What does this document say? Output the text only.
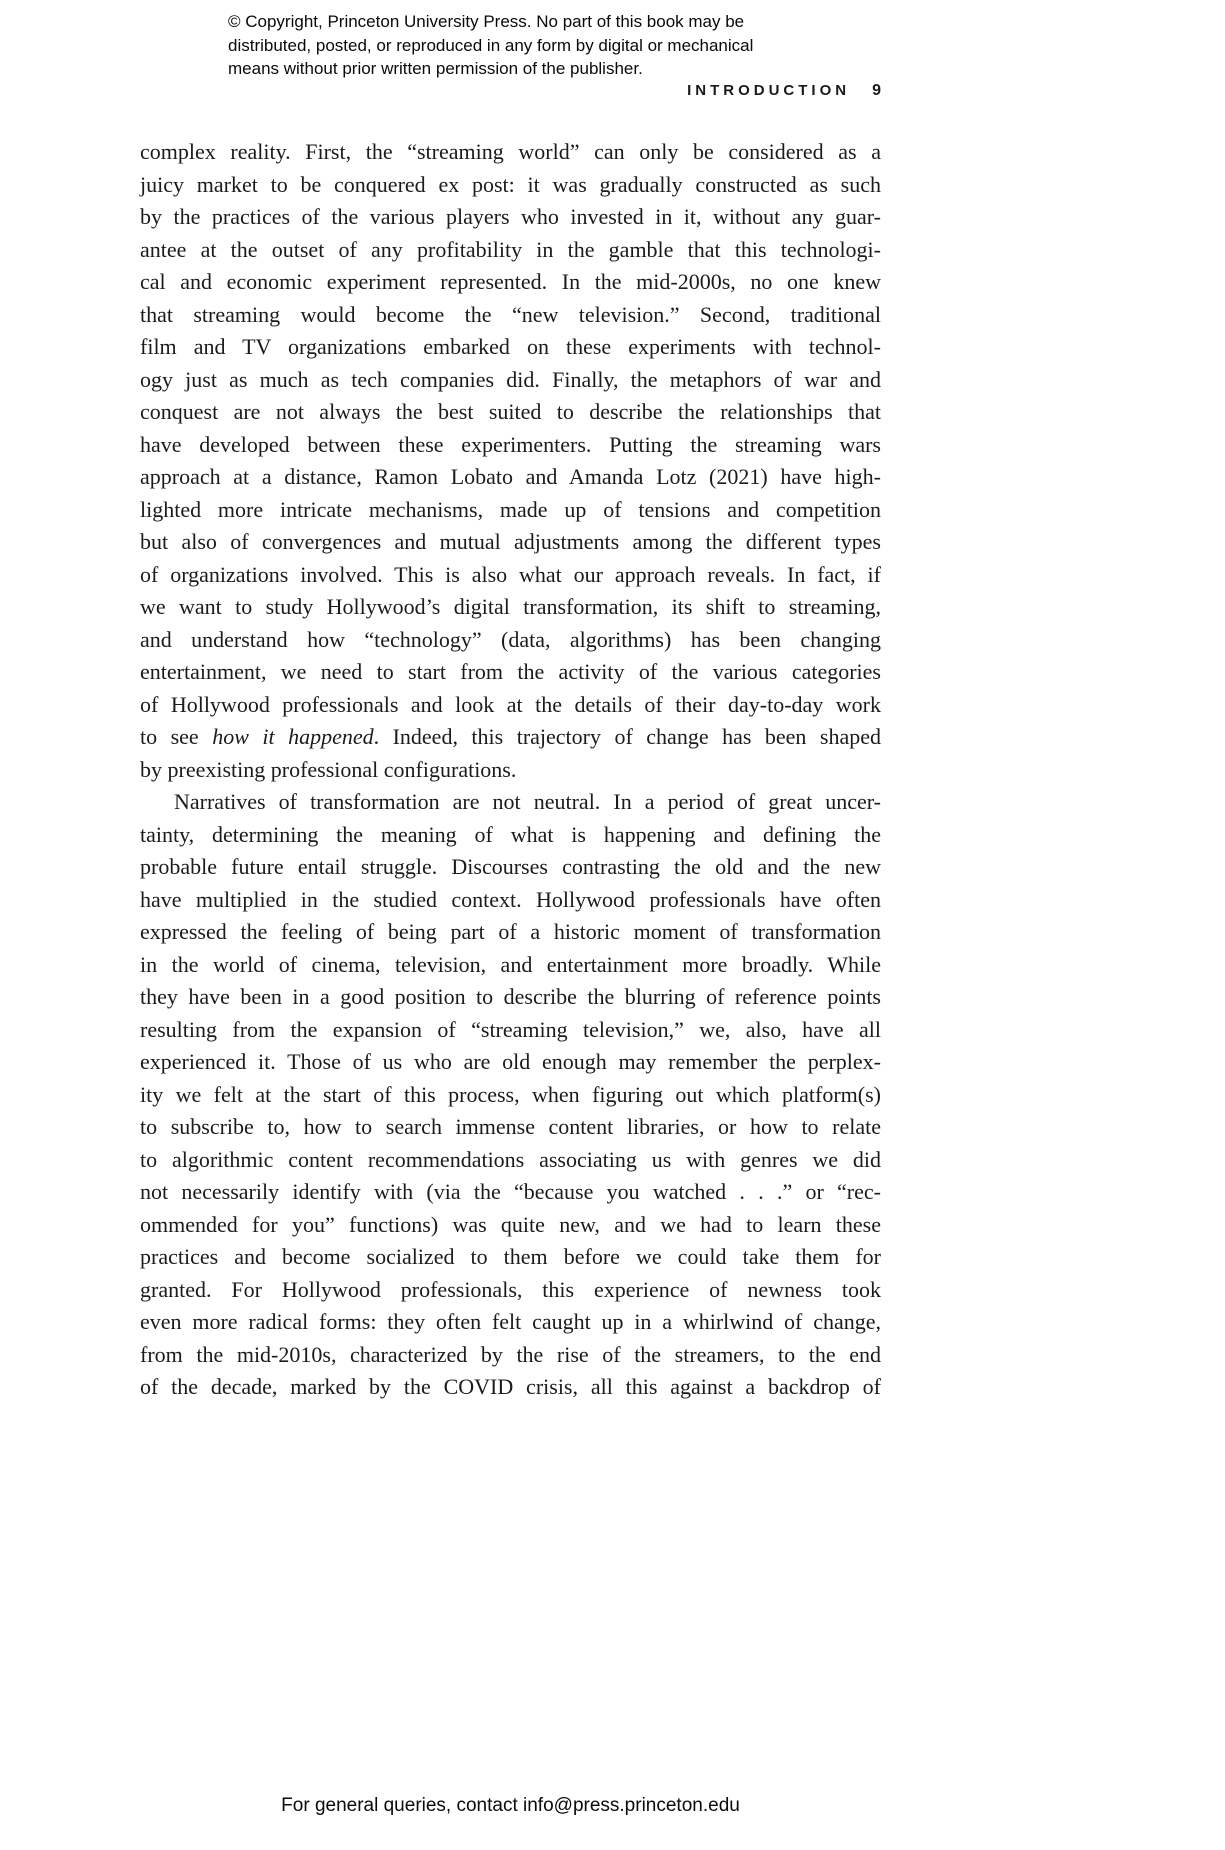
© Copyright, Princeton University Press. No part of this book may be
distributed, posted, or reproduced in any form by digital or mechanical
means without prior written permission of the publisher.
INTRODUCTION 9
complex reality. First, the “streaming world” can only be considered as a
juicy market to be conquered ex post: it was gradually constructed as such
by the practices of the various players who invested in it, without any guar-
antee at the outset of any profitability in the gamble that this technologi-
cal and economic experiment represented. In the mid-2000s, no one knew
that streaming would become the “new television.” Second, traditional
film and TV organizations embarked on these experiments with technol-
ogy just as much as tech companies did. Finally, the metaphors of war and
conquest are not always the best suited to describe the relationships that
have developed between these experimenters. Putting the streaming wars
approach at a distance, Ramon Lobato and Amanda Lotz (2021) have high-
lighted more intricate mechanisms, made up of tensions and competition
but also of convergences and mutual adjustments among the different types
of organizations involved. This is also what our approach reveals. In fact, if
we want to study Hollywood’s digital transformation, its shift to streaming,
and understand how “technology” (data, algorithms) has been changing
entertainment, we need to start from the activity of the various categories
of Hollywood professionals and look at the details of their day-to-day work
to see how it happened. Indeed, this trajectory of change has been shaped
by preexisting professional configurations.
Narratives of transformation are not neutral. In a period of great uncer-
tainty, determining the meaning of what is happening and defining the
probable future entail struggle. Discourses contrasting the old and the new
have multiplied in the studied context. Hollywood professionals have often
expressed the feeling of being part of a historic moment of transformation
in the world of cinema, television, and entertainment more broadly. While
they have been in a good position to describe the blurring of reference points
resulting from the expansion of “streaming television,” we, also, have all
experienced it. Those of us who are old enough may remember the perplex-
ity we felt at the start of this process, when figuring out which platform(s)
to subscribe to, how to search immense content libraries, or how to relate
to algorithmic content recommendations associating us with genres we did
not necessarily identify with (via the “because you watched . . .” or “rec-
ommended for you” functions) was quite new, and we had to learn these
practices and become socialized to them before we could take them for
granted. For Hollywood professionals, this experience of newness took
even more radical forms: they often felt caught up in a whirlwind of change,
from the mid-2010s, characterized by the rise of the streamers, to the end
of the decade, marked by the COVID crisis, all this against a backdrop of
For general queries, contact info@press.princeton.edu
